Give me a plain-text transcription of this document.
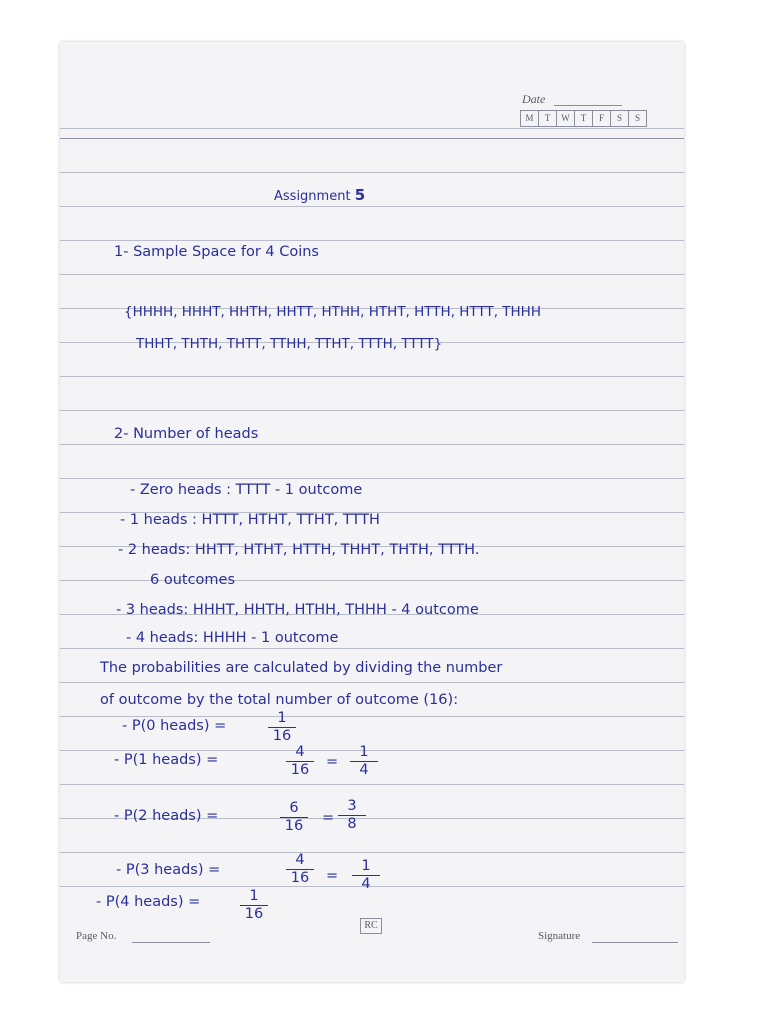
Date
M	T	W	T	F	S	S
Assignment 5
1- Sample Space for 4 Coins
{HHHH, HHHT, HHTH, HHTT, HTHH, HTHT, HTTH, HTTT, THHH
THHT, THTH, THTT, TTHH, TTHT, TTTH, TTTT}
2- Number of heads
- Zero heads : TTTT - 1 outcome
- 1 heads : HTTT, HTHT, TTHT, TTTH
- 2 heads: HHTT, HTHT, HTTH, THHT, THTH, TTTH.
6 outcomes
- 3 heads: HHHT, HHTH, HTHH, THHH - 4 outcome
- 4 heads: HHHH - 1 outcome
The probabilities are calculated by dividing the number
of outcome by the total number of outcome (16):
- P(0 heads) =	$\frac{1}{16}$
- P(1 heads) =	$\frac{4}{16} = \frac{1}{4}$
- P(2 heads) =	$\frac{6}{16} = \frac{3}{8}$
- P(3 heads) =	$\frac{4}{16} = \frac{1}{4}$
- P(4 heads) =	$\frac{1}{16}$
Page No.
RC
Signature
